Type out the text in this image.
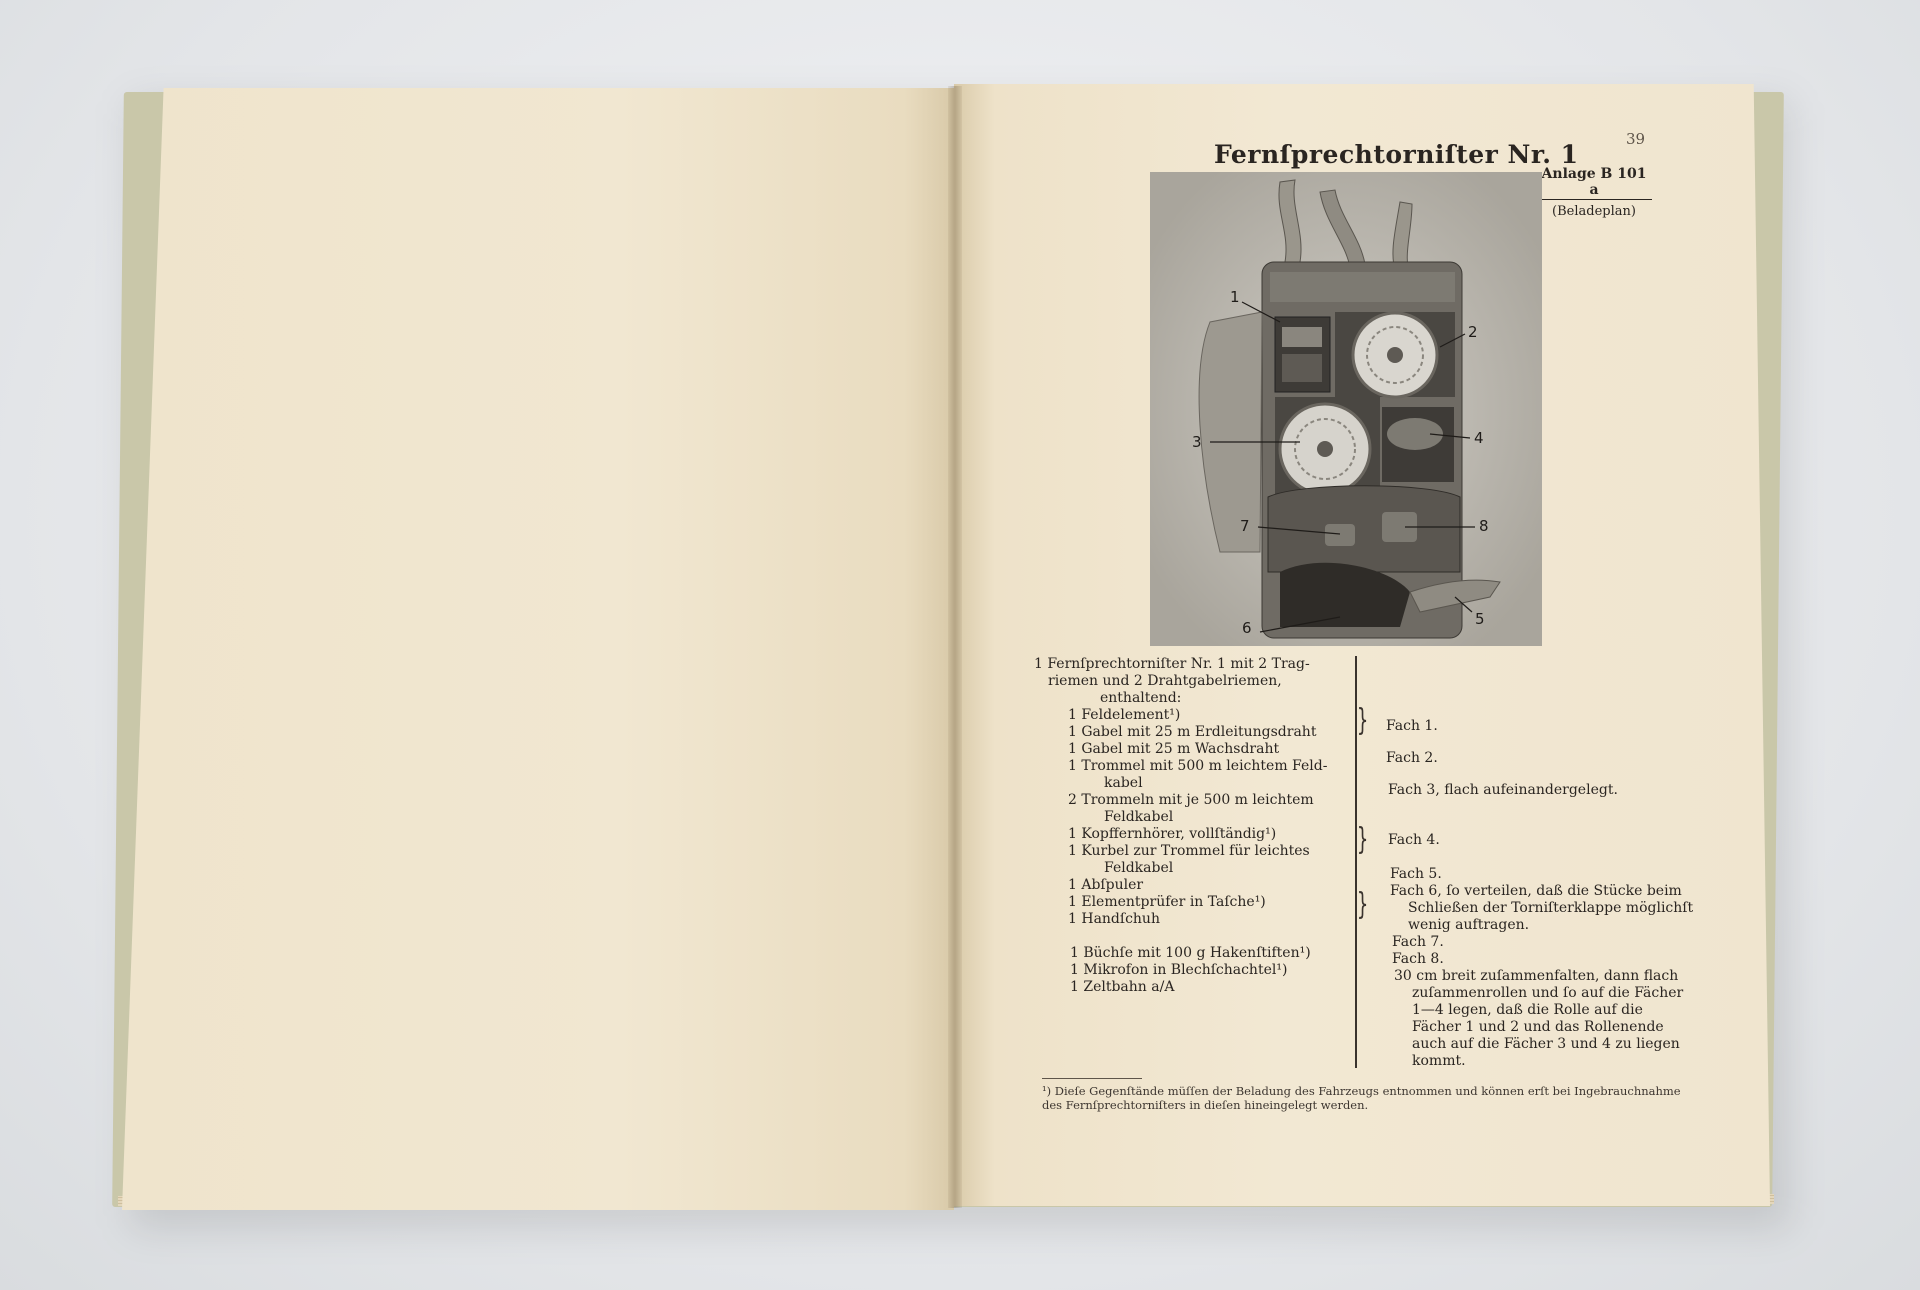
39
Fernſprechtorniſter Nr. 1
Anlage B 101 a
(Beladeplan)
1
2
3	4
5
6
7	8
1 Fernſprechtorniſter Nr. 1 mit 2 Trag-
riemen und 2 Drahtgabelriemen,
enthaltend:
1 Feldelement¹)
1 Gabel mit 25 m Erdleitungsdraht
1 Gabel mit 25 m Wachsdraht
1 Trommel mit 500 m leichtem Feld-
kabel
2 Trommeln mit je 500 m leichtem
Feldkabel
1 Kopffernhörer, vollſtändig¹)
1 Kurbel zur Trommel für leichtes
Feldkabel
1 Abſpuler
1 Elementprüfer in Taſche¹)
1 Handſchuh
1 Büchſe mit 100 g Hakenſtiften¹)
1 Mikrofon in Blechſchachtel¹)
1 Zeltbahn a/A
}
}
}
Fach 1.
Fach 2.
Fach 3, flach aufeinandergelegt.
Fach 4.
Fach 5.
Fach 6, ſo verteilen, daß die Stücke beim
Schließen der Torniſterklappe möglichſt
wenig auftragen.
Fach 7.
Fach 8.
30 cm breit zuſammenfalten, dann flach
zuſammenrollen und ſo auf die Fächer
1—4 legen, daß die Rolle auf die
Fächer 1 und 2 und das Rollenende
auch auf die Fächer 3 und 4 zu liegen
kommt.
¹) Dieſe Gegenſtände müſſen der Beladung des Fahrzeugs entnommen und können erſt bei Ingebrauchnahme des Fernſprechtorniſters in dieſen hineingelegt werden.
